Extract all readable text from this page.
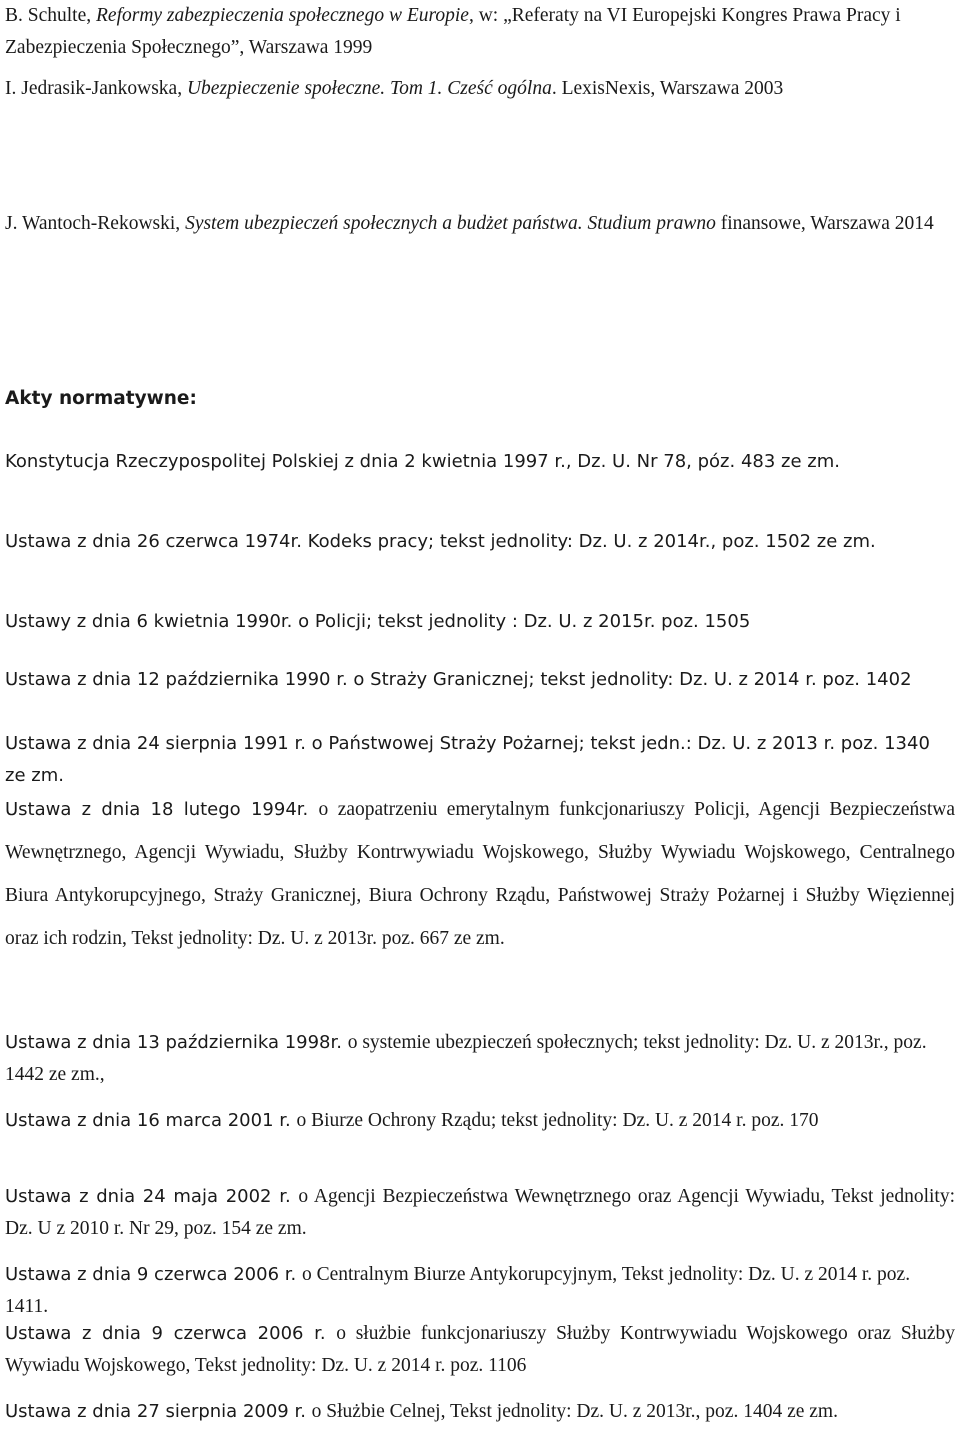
B. Schulte, Reformy zabezpieczenia społecznego w Europie, w: „Referaty na VI Europejski Kongres Prawa Pracy i Zabezpieczenia Społecznego”, Warszawa 1999

I. Jedrasik-Jankowska, Ubezpieczenie społeczne. Tom 1. Cześć ogólna. LexisNexis, Warszawa 2003

J. Wantoch-Rekowski, System ubezpieczeń społecznych a budżet państwa. Studium prawno finansowe, Warszawa 2014

Akty normatywne:

Konstytucja Rzeczypospolitej Polskiej z dnia 2 kwietnia 1997 r., Dz. U. Nr 78, póz. 483 ze zm.

Ustawa z dnia 26 czerwca 1974r. Kodeks pracy; tekst jednolity: Dz. U. z 2014r., poz. 1502 ze zm.

Ustawy z dnia 6 kwietnia 1990r. o Policji; tekst jednolity : Dz. U. z 2015r. poz. 1505

Ustawa z dnia 12 października 1990 r. o Straży Granicznej; tekst jednolity: Dz. U. z 2014 r. poz. 1402

Ustawa z dnia 24 sierpnia 1991 r. o Państwowej Straży Pożarnej; tekst jedn.: Dz. U. z 2013 r. poz. 1340 ze zm.

Ustawa z dnia 18 lutego 1994r. o zaopatrzeniu emerytalnym funkcjonariuszy Policji, Agencji Bezpieczeństwa Wewnętrznego, Agencji Wywiadu, Służby Kontrwywiadu Wojskowego, Służby Wywiadu Wojskowego, Centralnego Biura Antykorupcyjnego, Straży Granicznej, Biura Ochrony Rządu, Państwowej Straży Pożarnej i Służby Więziennej oraz ich rodzin, Tekst jednolity: Dz. U. z 2013r. poz. 667 ze zm.

Ustawa z dnia 13 października 1998r. o systemie ubezpieczeń społecznych; tekst jednolity: Dz. U. z 2013r., poz. 1442 ze zm.,

Ustawa z dnia 16 marca 2001 r. o Biurze Ochrony Rządu; tekst jednolity: Dz. U. z 2014 r. poz. 170

Ustawa z dnia 24 maja 2002 r. o Agencji Bezpieczeństwa Wewnętrznego oraz Agencji Wywiadu, Tekst jednolity: Dz. U z 2010 r. Nr 29, poz. 154 ze zm.

Ustawa z dnia 9 czerwca 2006 r. o Centralnym Biurze Antykorupcyjnym, Tekst jednolity: Dz. U. z 2014 r. poz. 1411.

Ustawa z dnia 9 czerwca 2006 r. o służbie funkcjonariuszy Służby Kontrwywiadu Wojskowego oraz Służby Wywiadu Wojskowego, Tekst jednolity: Dz. U. z 2014 r. poz. 1106

Ustawa z dnia 27 sierpnia 2009 r. o Służbie Celnej, Tekst jednolity: Dz. U. z 2013r., poz. 1404 ze zm.
